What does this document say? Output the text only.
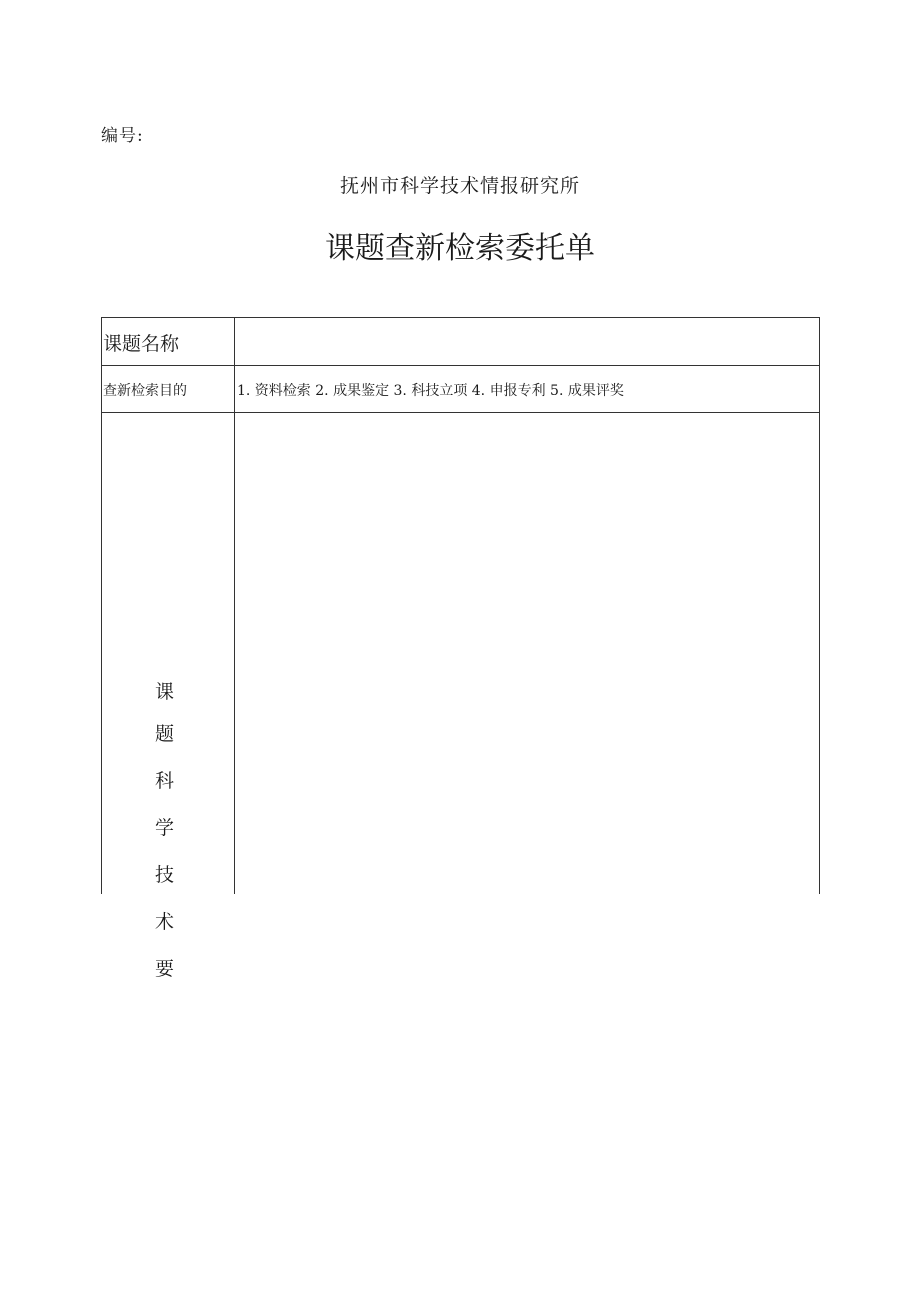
编号:
抚州市科学技术情报研究所
课题查新检索委托单
课题名称
查新检索目的	1. 资料检索 2. 成果鉴定 3. 科技立项 4. 申报专利 5. 成果评奖
课
题
科
学
技
术
要
